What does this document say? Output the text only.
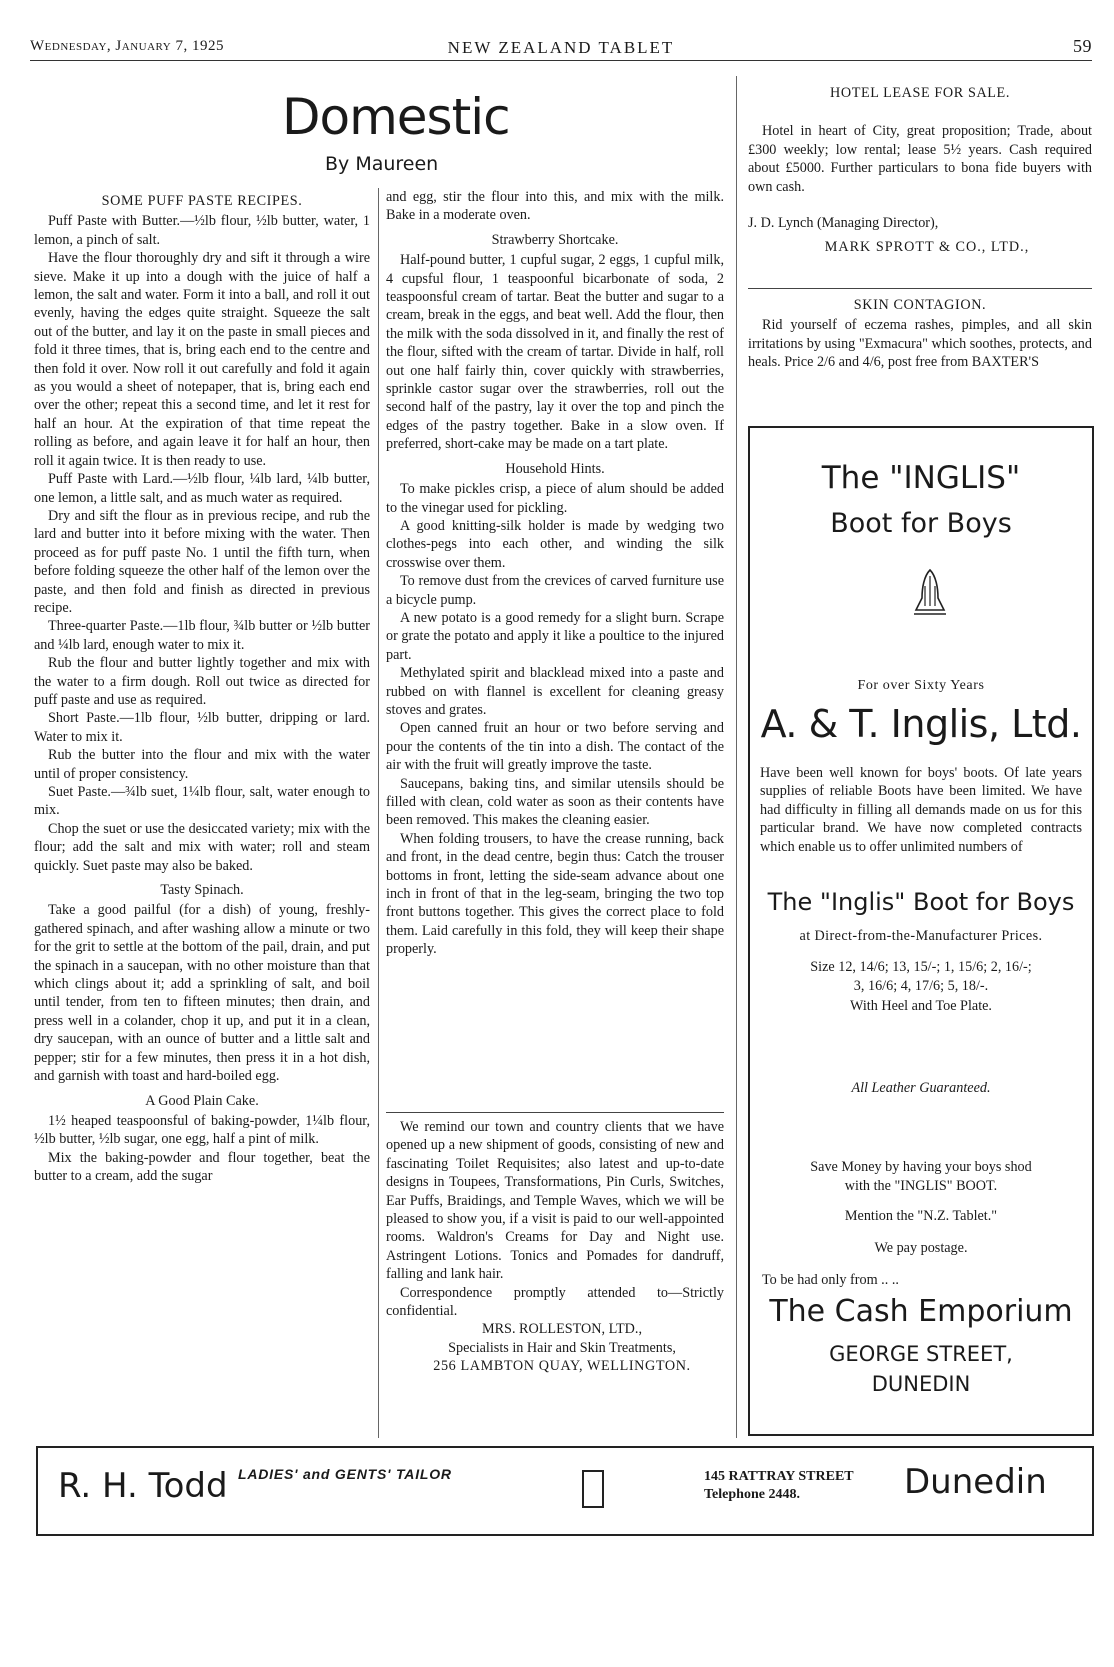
Wednesday, January 7, 1925	NEW ZEALAND TABLET	59
Domestic
By Maureen

SOME PUFF PASTE RECIPES.

Puff Paste with Butter.—½lb flour, ½lb butter, water, 1 lemon, a pinch of salt.

Have the flour thoroughly dry and sift it through a wire sieve. Make it up into a dough with the juice of half a lemon, the salt and water. Form it into a ball, and roll it out evenly, having the edges quite straight. Squeeze the salt out of the butter, and lay it on the paste in small pieces and fold it three times, that is, bring each end to the centre and then fold it over. Now roll it out carefully and fold it again as you would a sheet of notepaper, that is, bring each end over the other; repeat this a second time, and let it rest for half an hour. At the expiration of that time repeat the rolling as before, and again leave it for half an hour, then roll it again twice. It is then ready to use.

Puff Paste with Lard.—½lb flour, ¼lb lard, ¼lb butter, one lemon, a little salt, and as much water as required.

Dry and sift the flour as in previous recipe, and rub the lard and butter into it before mixing with the water. Then proceed as for puff paste No. 1 until the fifth turn, when before folding squeeze the other half of the lemon over the paste, and then fold and finish as directed in previous recipe.

Three-quarter Paste.—1lb flour, ¾lb butter or ½lb butter and ¼lb lard, enough water to mix it.

Rub the flour and butter lightly together and mix with the water to a firm dough. Roll out twice as directed for puff paste and use as required.

Short Paste.—1lb flour, ½lb butter, dripping or lard. Water to mix it.

Rub the butter into the flour and mix with the water until of proper consistency.

Suet Paste.—¾lb suet, 1¼lb flour, salt, water enough to mix.

Chop the suet or use the desiccated variety; mix with the flour; add the salt and mix with water; roll and steam quickly. Suet paste may also be baked.

Tasty Spinach.

Take a good pailful (for a dish) of young, freshly-gathered spinach, and after washing allow a minute or two for the grit to settle at the bottom of the pail, drain, and put the spinach in a saucepan, with no other moisture than that which clings about it; add a sprinkling of salt, and boil until tender, from ten to fifteen minutes; then drain, and press well in a colander, chop it up, and put it in a clean, dry saucepan, with an ounce of butter and a little salt and pepper; stir for a few minutes, then press it in a hot dish, and garnish with toast and hard-boiled egg.

A Good Plain Cake.

1½ heaped teaspoonsful of baking-powder, 1¼lb flour, ½lb butter, ½lb sugar, one egg, half a pint of milk.

Mix the baking-powder and flour together, beat the butter to a cream, add the sugar

and egg, stir the flour into this, and mix with the milk. Bake in a moderate oven.

Strawberry Shortcake.

Half-pound butter, 1 cupful sugar, 2 eggs, 1 cupful milk, 4 cupsful flour, 1 teaspoonful bicarbonate of soda, 2 teaspoonsful cream of tartar. Beat the butter and sugar to a cream, break in the eggs, and beat well. Add the flour, then the milk with the soda dissolved in it, and finally the rest of the flour, sifted with the cream of tartar. Divide in half, roll out one half fairly thin, cover quickly with strawberries, sprinkle castor sugar over the strawberries, roll out the second half of the pastry, lay it over the top and pinch the edges of the pastry together. Bake in a slow oven. If preferred, short-cake may be made on a tart plate.

Household Hints.

To make pickles crisp, a piece of alum should be added to the vinegar used for pickling.

A good knitting-silk holder is made by wedging two clothes-pegs into each other, and winding the silk crosswise over them.

To remove dust from the crevices of carved furniture use a bicycle pump.

A new potato is a good remedy for a slight burn. Scrape or grate the potato and apply it like a poultice to the injured part.

Methylated spirit and blacklead mixed into a paste and rubbed on with flannel is excellent for cleaning greasy stoves and grates.

Open canned fruit an hour or two before serving and pour the contents of the tin into a dish. The contact of the air with the fruit will greatly improve the taste.

Saucepans, baking tins, and similar utensils should be filled with clean, cold water as soon as their contents have been removed. This makes the cleaning easier.

When folding trousers, to have the crease running, back and front, in the dead centre, begin thus: Catch the trouser bottoms in front, letting the side-seam advance about one inch in front of that in the leg-seam, bringing the two top front buttons together. This gives the correct place to fold them. Laid carefully in this fold, they will keep their shape properly.

We remind our town and country clients that we have opened up a new shipment of goods, consisting of new and fascinating Toilet Requisites; also latest and up-to-date designs in Toupees, Transformations, Pin Curls, Switches, Ear Puffs, Braidings, and Temple Waves, which we will be pleased to show you, if a visit is paid to our well-appointed rooms. Waldron's Creams for Day and Night use. Astringent Lotions. Tonics and Pomades for dandruff, falling and lank hair.

Correspondence promptly attended to—Strictly confidential.

MRS. ROLLESTON, LTD.,

Specialists in Hair and Skin Treatments,

256 LAMBTON QUAY, WELLINGTON.

HOTEL LEASE FOR SALE.

Hotel in heart of City, great proposition; Trade, about £300 weekly; low rental; lease 5½ years. Cash required about £5000. Further particulars to bona fide buyers with own cash.

J. D. Lynch (Managing Director),

MARK SPROTT & CO., LTD.,

SKIN CONTAGION.

Rid yourself of eczema rashes, pimples, and all skin irritations by using "Exmacura" which soothes, protects, and heals. Price 2/6 and 4/6, post free from BAXTER'S

The "INGLIS"
Boot for Boys
For over Sixty Years
A. & T. Inglis, Ltd.
Have been well known for boys' boots. Of late years supplies of reliable Boots have been limited. We have had difficulty in filling all demands made on us for this particular brand. We have now completed contracts which enable us to offer unlimited numbers of
The "Inglis" Boot for Boys
at Direct-from-the-Manufacturer Prices.
Size 12, 14/6; 13, 15/-; 1, 15/6; 2, 16/-;
3, 16/6; 4, 17/6; 5, 18/-.
With Heel and Toe Plate.
All Leather Guaranteed.
Save Money by having your boys shod
with the "INGLIS" BOOT.
Mention the "N.Z. Tablet."
We pay postage.
To be had only from .. ..
The Cash Emporium
GEORGE STREET,
DUNEDIN
R. H. Todd LADIES' and GENTS' TAILOR	145 RATTRAY STREET
Telephone 2448.	Dunedin
